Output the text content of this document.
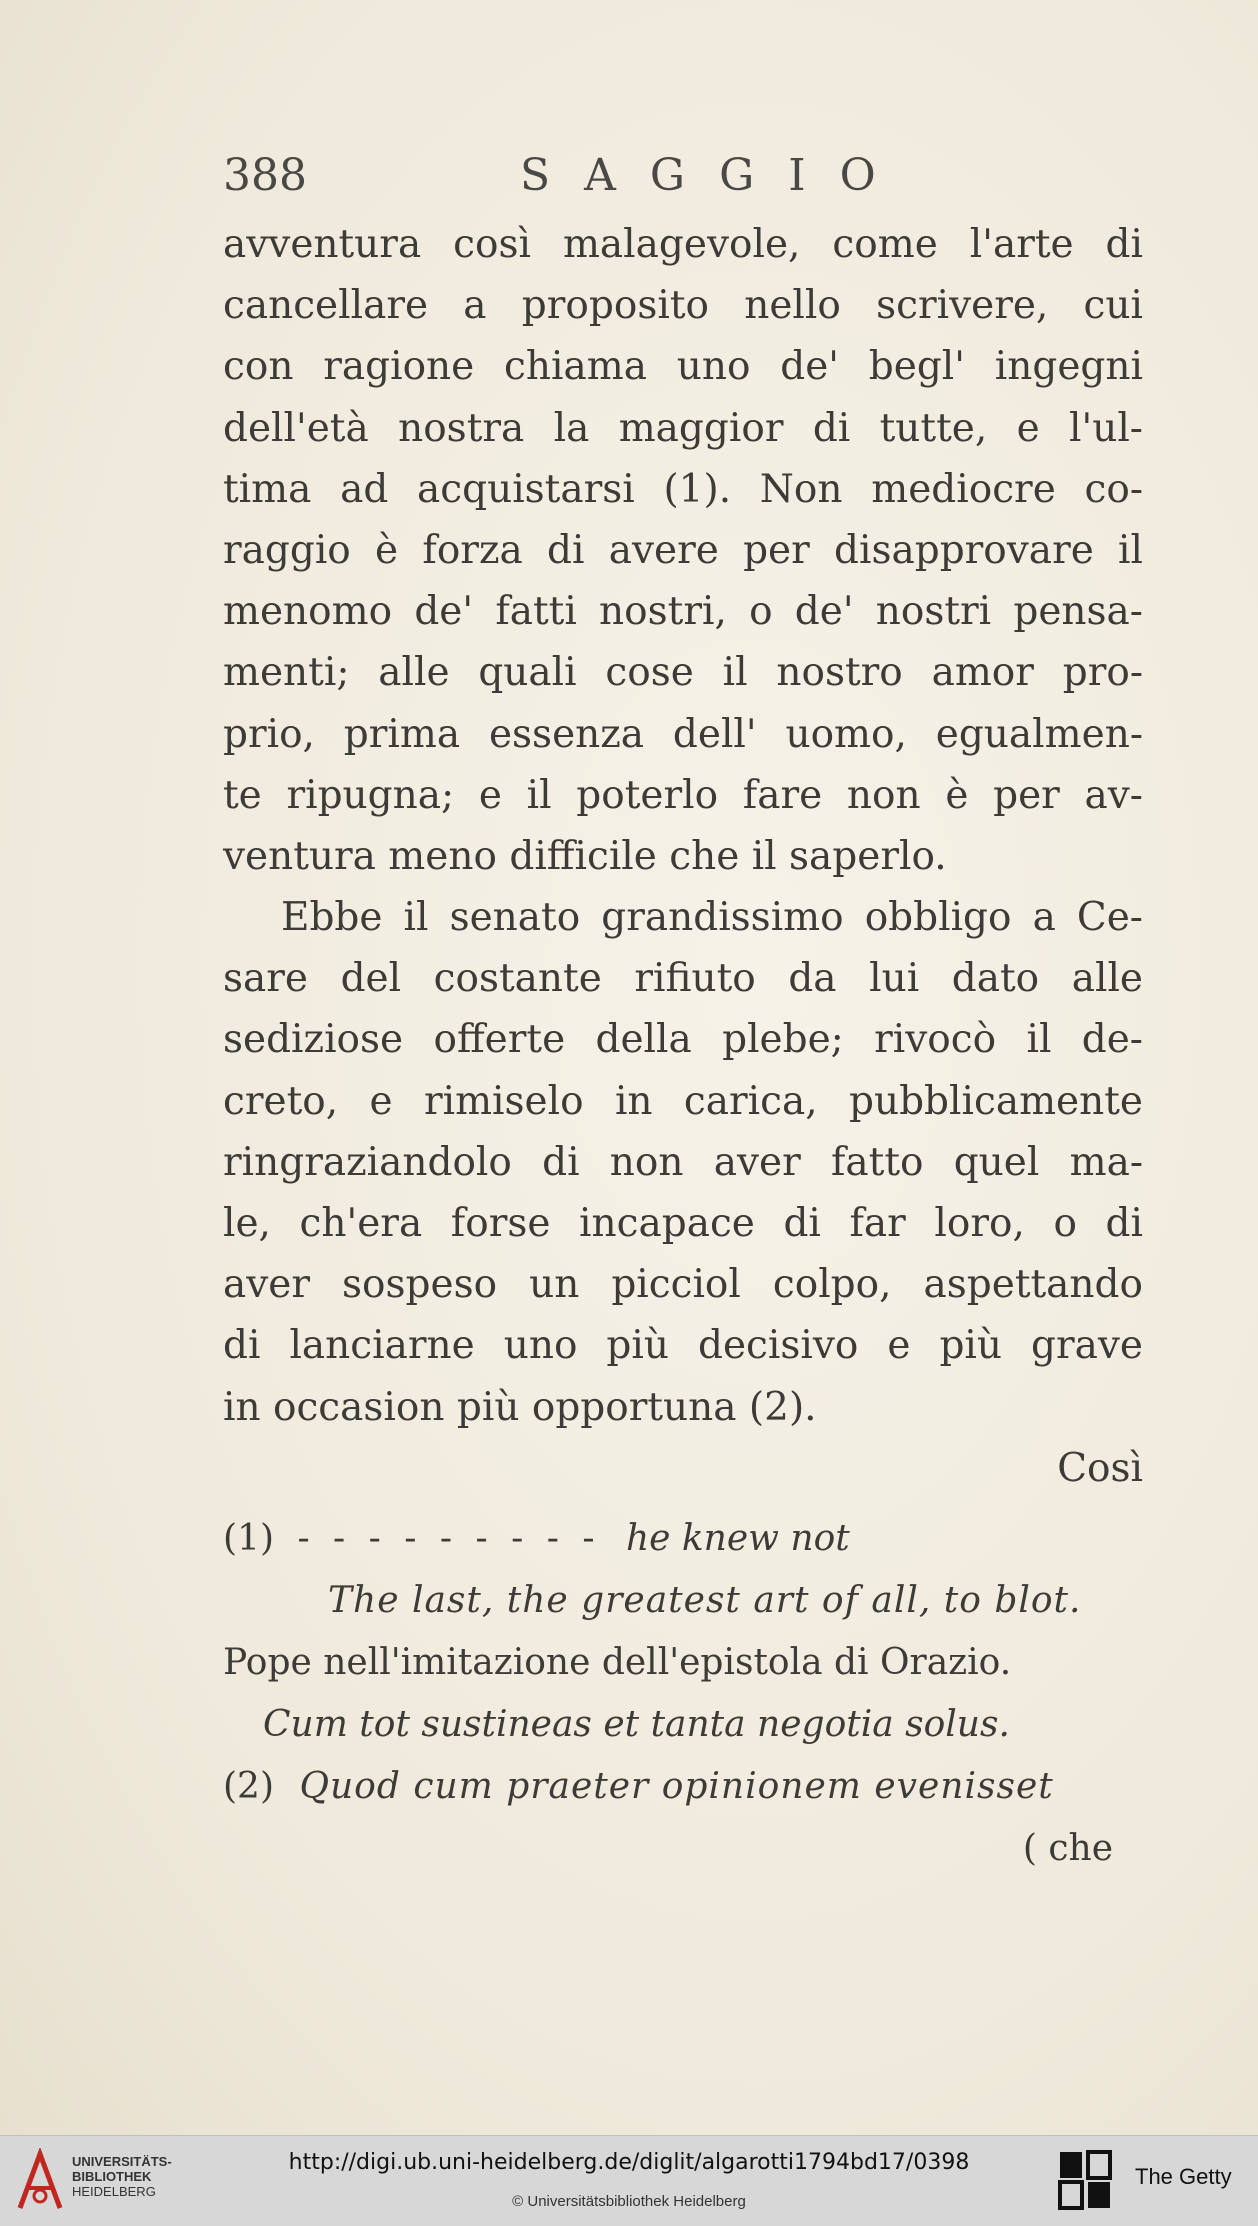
388	SAGGIO
avventura così malagevole, come l'arte di
cancellare a proposito nello scrivere, cui
con ragione chiama uno de' begl' ingegni
dell'età nostra la maggior di tutte, e l'ul-
tima ad acquistarsi (1). Non mediocre co-
raggio è forza di avere per disapprovare il
menomo de' fatti nostri, o de' nostri pensa-
menti; alle quali cose il nostro amor pro-
prio, prima essenza dell' uomo, egualmen-
te ripugna; e il poterlo fare non è per av-
ventura meno difficile che il saperlo.
Ebbe il senato grandissimo obbligo a Ce-
sare del costante rifiuto da lui dato alle
sediziose offerte della plebe; rivocò il de-
creto, e rimiselo in carica, pubblicamente
ringraziandolo di non aver fatto quel ma-
le, ch'era forse incapace di far loro, o di
aver sospeso un picciol colpo, aspettando
di lanciarne uno più decisivo e più grave
in occasion più opportuna (2).
Così
(1) - - - - - - - - - he knew not
The last, the greatest art of all, to blot.
Pope nell'imitazione dell'epistola di Orazio.
Cum tot sustineas et tanta negotia solus.
(2) Quod cum praeter opinionem evenisset
( che
UNIVERSITÄTS-
BIBLIOTHEK
HEIDELBERG
http://digi.ub.uni-heidelberg.de/diglit/algarotti1794bd17/0398
© Universitätsbibliothek Heidelberg
The Getty
